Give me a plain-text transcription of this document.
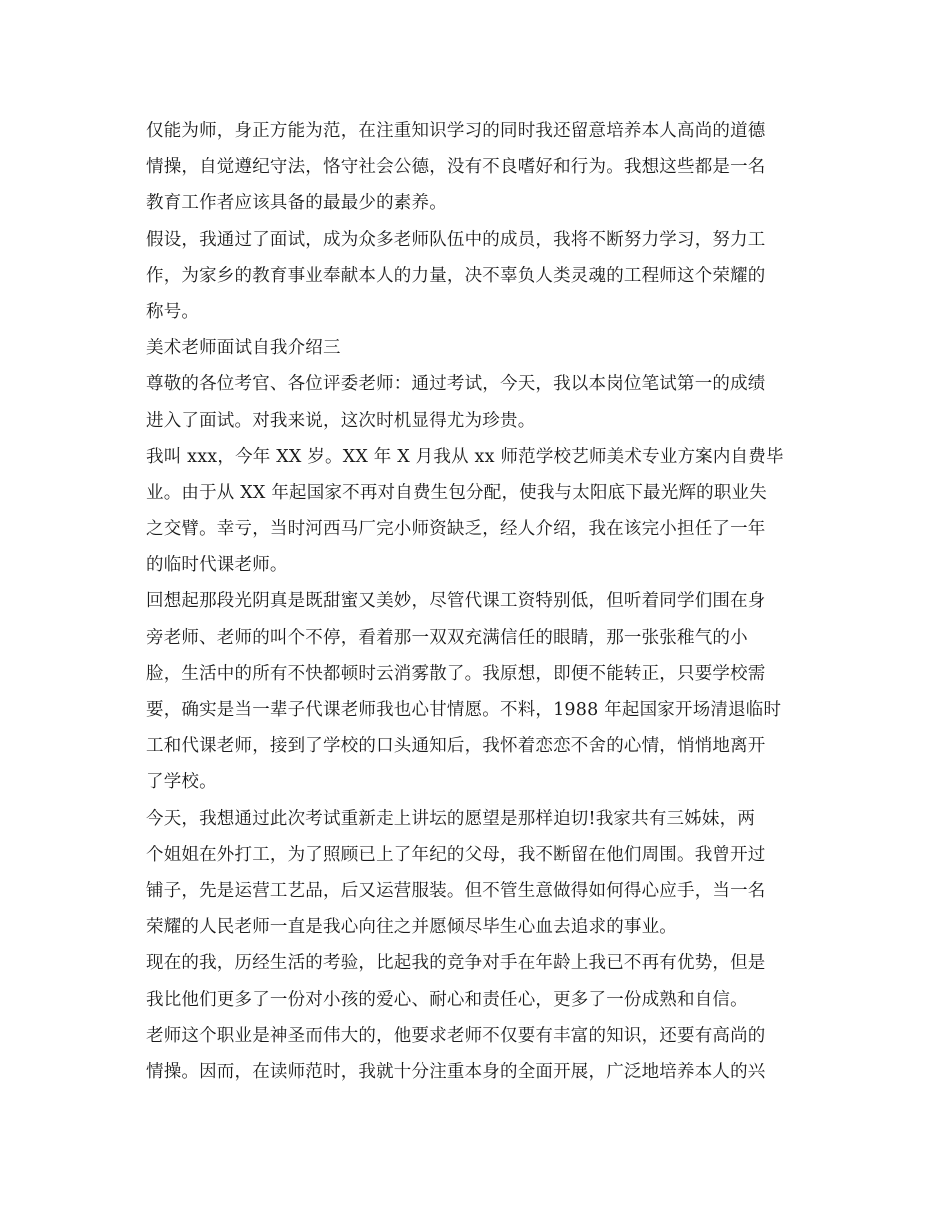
仅能为师，身正方能为范，在注重知识学习的同时我还留意培养本人高尚的道德
情操，自觉遵纪守法，恪守社会公德，没有不良嗜好和行为。我想这些都是一名
教育工作者应该具备的最最少的素养。
假设，我通过了面试，成为众多老师队伍中的成员，我将不断努力学习，努力工
作，为家乡的教育事业奉献本人的力量，决不辜负人类灵魂的工程师这个荣耀的
称号。
美术老师面试自我介绍三
尊敬的各位考官、各位评委老师：通过考试，今天，我以本岗位笔试第一的成绩
进入了面试。对我来说，这次时机显得尤为珍贵。
我叫 xxx，今年 XX 岁。XX 年 X 月我从 xx 师范学校艺师美术专业方案内自费毕
业。由于从 XX 年起国家不再对自费生包分配，使我与太阳底下最光辉的职业失
之交臂。幸亏，当时河西马厂完小师资缺乏，经人介绍，我在该完小担任了一年
的临时代课老师。
回想起那段光阴真是既甜蜜又美妙，尽管代课工资特别低，但听着同学们围在身
旁老师、老师的叫个不停，看着那一双双充满信任的眼睛，那一张张稚气的小
脸，生活中的所有不快都顿时云消雾散了。我原想，即便不能转正，只要学校需
要，确实是当一辈子代课老师我也心甘情愿。不料，1988 年起国家开场清退临时
工和代课老师，接到了学校的口头通知后，我怀着恋恋不舍的心情，悄悄地离开
了学校。
今天，我想通过此次考试重新走上讲坛的愿望是那样迫切!我家共有三姊妹，两
个姐姐在外打工，为了照顾已上了年纪的父母，我不断留在他们周围。我曾开过
铺子，先是运营工艺品，后又运营服装。但不管生意做得如何得心应手，当一名
荣耀的人民老师一直是我心向往之并愿倾尽毕生心血去追求的事业。
现在的我，历经生活的考验，比起我的竞争对手在年龄上我已不再有优势，但是
我比他们更多了一份对小孩的爱心、耐心和责任心，更多了一份成熟和自信。
老师这个职业是神圣而伟大的，他要求老师不仅要有丰富的知识，还要有高尚的
情操。因而，在读师范时，我就十分注重本身的全面开展，广泛地培养本人的兴
